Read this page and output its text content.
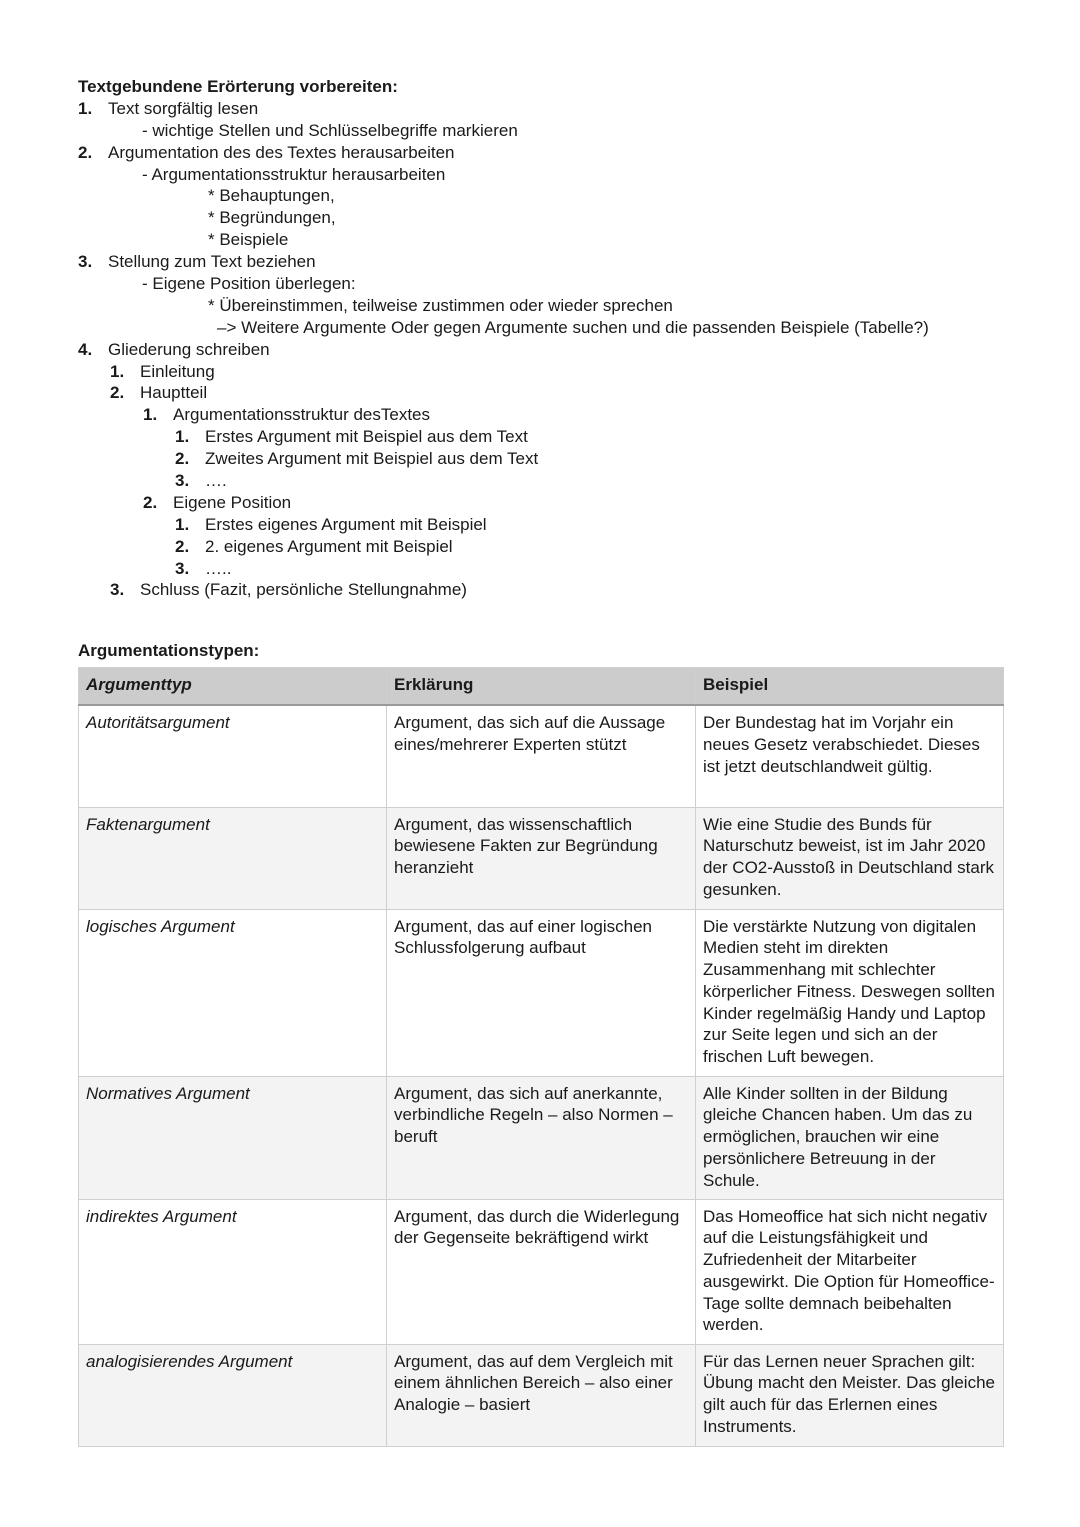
Textgebundene Erörterung vorbereiten:
1. Text sorgfältig lesen
- wichtige Stellen und Schlüsselbegriffe markieren
2. Argumentation des des Textes herausarbeiten
- Argumentationsstruktur herausarbeiten
* Behauptungen,
* Begründungen,
* Beispiele
3. Stellung zum Text beziehen
- Eigene Position überlegen:
* Übereinstimmen, teilweise zustimmen oder wieder sprechen
–> Weitere Argumente Oder gegen Argumente suchen und die passenden Beispiele (Tabelle?)
4. Gliederung schreiben
1. Einleitung
2. Hauptteil
1. Argumentationsstruktur desTextes
1. Erstes Argument mit Beispiel aus dem Text
2. Zweites Argument mit Beispiel aus dem Text
3. ….
2. Eigene Position
1. Erstes eigenes Argument mit Beispiel
2. 2. eigenes Argument mit Beispiel
3. …..
3. Schluss (Fazit, persönliche Stellungnahme)
Argumentationstypen:
Argumenttyp	Erklärung	Beispiel
Autoritätsargument	Argument, das sich auf die Aussage eines/mehrerer Experten stützt	Der Bundestag hat im Vorjahr ein neues Gesetz verabschiedet. Dieses ist jetzt deutschlandweit gültig.
Faktenargument	Argument, das wissenschaftlich bewiesene Fakten zur Begründung heranzieht	Wie eine Studie des Bunds für Naturschutz beweist, ist im Jahr 2020 der CO2-Ausstoß in Deutschland stark gesunken.
logisches Argument	Argument, das auf einer logischen Schlussfolgerung aufbaut	Die verstärkte Nutzung von digitalen Medien steht im direkten Zusammenhang mit schlechter körperlicher Fitness. Deswegen sollten Kinder regelmäßig Handy und Laptop zur Seite legen und sich an der frischen Luft bewegen.
Normatives Argument	Argument, das sich auf anerkannte, verbindliche Regeln – also Normen – beruft	Alle Kinder sollten in der Bildung gleiche Chancen haben. Um das zu ermöglichen, brauchen wir eine persönlichere Betreuung in der Schule.
indirektes Argument	Argument, das durch die Widerlegung der Gegenseite bekräftigend wirkt	Das Homeoffice hat sich nicht negativ auf die Leistungsfähigkeit und Zufriedenheit der Mitarbeiter ausgewirkt. Die Option für Homeoffice-Tage sollte demnach beibehalten werden.
analogisierendes Argument	Argument, das auf dem Vergleich mit einem ähnlichen Bereich – also einer Analogie – basiert	Für das Lernen neuer Sprachen gilt: Übung macht den Meister. Das gleiche gilt auch für das Erlernen eines Instruments.
